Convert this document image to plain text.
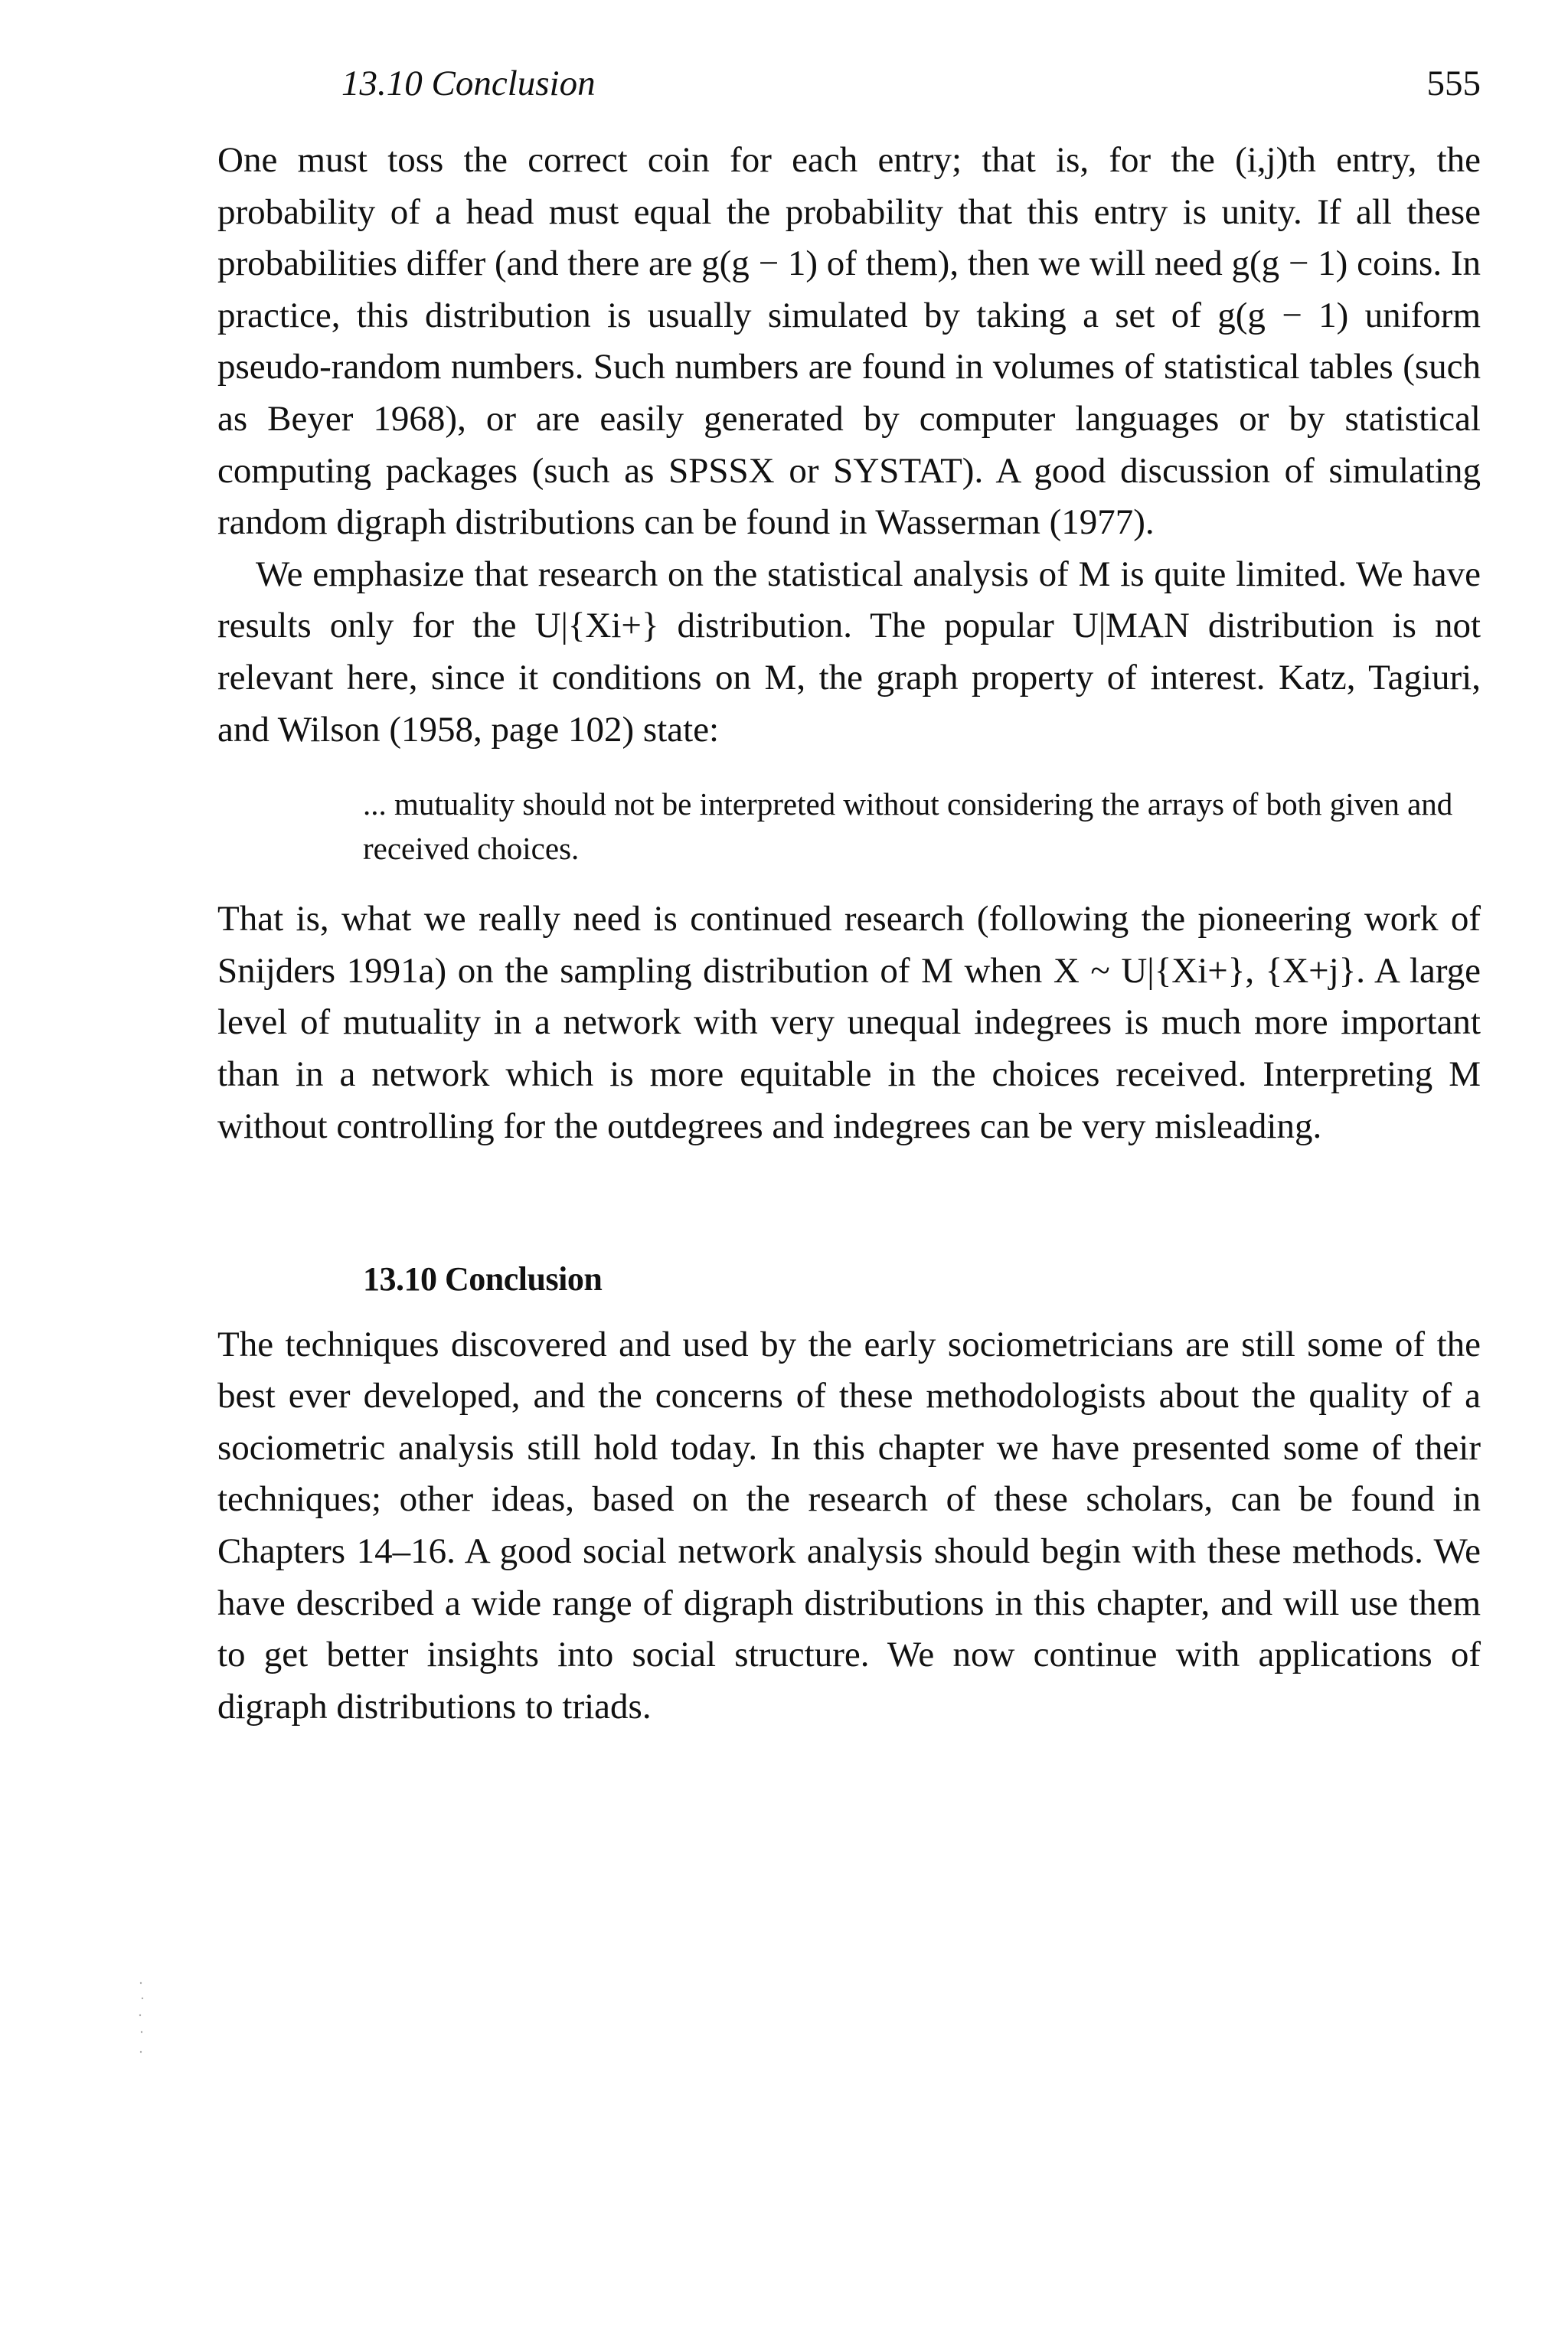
13.10 Conclusion	555

One must toss the correct coin for each entry; that is, for the (i,j)th entry, the probability of a head must equal the probability that this entry is unity. If all these probabilities differ (and there are g(g − 1) of them), then we will need g(g − 1) coins. In practice, this distribution is usually simulated by taking a set of g(g − 1) uniform pseudo-random numbers. Such numbers are found in volumes of statistical tables (such as Beyer 1968), or are easily generated by computer languages or by statistical computing packages (such as SPSSX or SYSTAT). A good discussion of simulating random digraph distributions can be found in Wasserman (1977).

We emphasize that research on the statistical analysis of M is quite limited. We have results only for the U|{Xi+} distribution. The popular U|MAN distribution is not relevant here, since it conditions on M, the graph property of interest. Katz, Tagiuri, and Wilson (1958, page 102) state:

... mutuality should not be interpreted without considering the arrays of both given and received choices.

That is, what we really need is continued research (following the pioneering work of Snijders 1991a) on the sampling distribution of M when X ~ U|{Xi+}, {X+j}. A large level of mutuality in a network with very unequal indegrees is much more important than in a network which is more equitable in the choices received. Interpreting M without controlling for the outdegrees and indegrees can be very misleading.

13.10 Conclusion

The techniques discovered and used by the early sociometricians are still some of the best ever developed, and the concerns of these methodologists about the quality of a sociometric analysis still hold today. In this chapter we have presented some of their techniques; other ideas, based on the research of these scholars, can be found in Chapters 14–16. A good social network analysis should begin with these methods. We have described a wide range of digraph distributions in this chapter, and will use them to get better insights into social structure. We now continue with applications of digraph distributions to triads.
